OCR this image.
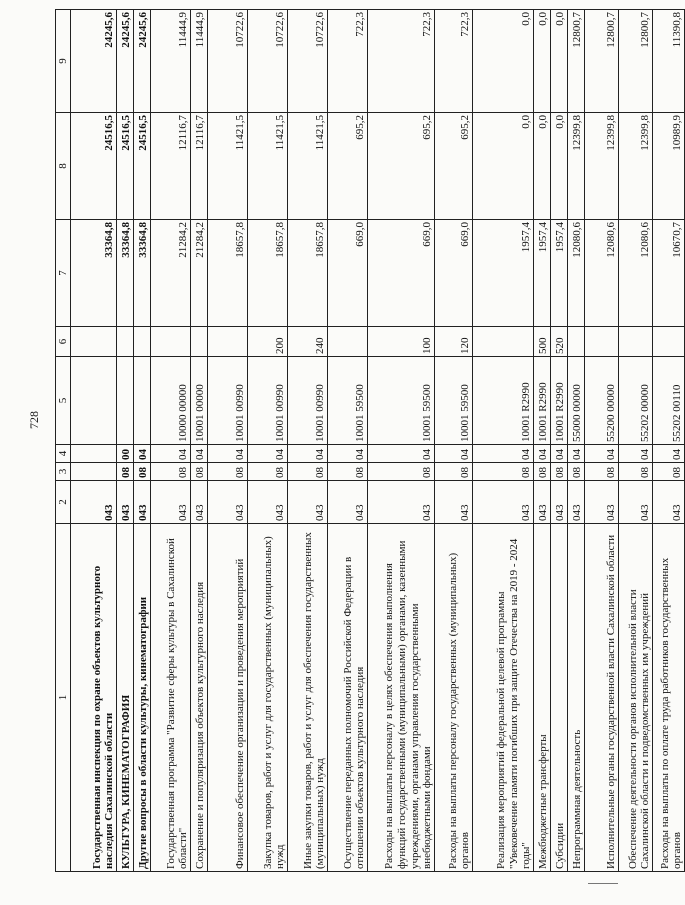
728
1	2	3	4	5	6	7	8	9
Государственная инспекция по охране объектов культурного наследия Сахалинской области	043					33364,8	24516,5	24245,6
КУЛЬТУРА, КИНЕМАТОГРАФИЯ	043	08	00			33364,8	24516,5	24245,6
Другие вопросы в области культуры, кинематографии	043	08	04			33364,8	24516,5	24245,6
Государственная программа "Развитие сферы культуры в Сахалинской области"	043	08	04	10000 00000		21284,2	12116,7	11444,9
Сохранение и популяризация объектов культурного наследия	043	08	04	10001 00000		21284,2	12116,7	11444,9
Финансовое обеспечение организации и проведения мероприятий	043	08	04	10001 00990		18657,8	11421,5	10722,6
Закупка товаров, работ и услуг для государственных (муниципальных) нужд	043	08	04	10001 00990	200	18657,8	11421,5	10722,6
Иные закупки товаров, работ и услуг для обеспечения государственных (муниципальных) нужд	043	08	04	10001 00990	240	18657,8	11421,5	10722,6
Осуществление переданных полномочий Российской Федерации в отношении объектов культурного наследия	043	08	04	10001 59500		669,0	695,2	722,3
Расходы на выплаты персоналу в целях обеспечения выполнения функций государственными (муниципальными) органами, казенными учреждениями, органами управления государственными внебюджетными фондами	043	08	04	10001 59500	100	669,0	695,2	722,3
Расходы на выплаты персоналу государственных (муниципальных) органов	043	08	04	10001 59500	120	669,0	695,2	722,3
Реализация мероприятий федеральной целевой программы "Увековечение памяти погибших при защите Отечества на 2019 - 2024 годы"	043	08	04	10001 R2990		1957,4	0,0	0,0
Межбюджетные трансферты	043	08	04	10001 R2990	500	1957,4	0,0	0,0
Субсидии	043	08	04	10001 R2990	520	1957,4	0,0	0,0
Непрограммная деятельность	043	08	04	55000 00000		12080,6	12399,8	12800,7
Исполнительные органы государственной власти Сахалинской области	043	08	04	55200 00000		12080,6	12399,8	12800,7
Обеспечение деятельности органов исполнительной власти Сахалинской области и подведомственных им учреждений	043	08	04	55202 00000		12080,6	12399,8	12800,7
Расходы на выплаты по оплате труда работников государственных органов	043	08	04	55202 00110		10670,7	10989,9	11390,8
